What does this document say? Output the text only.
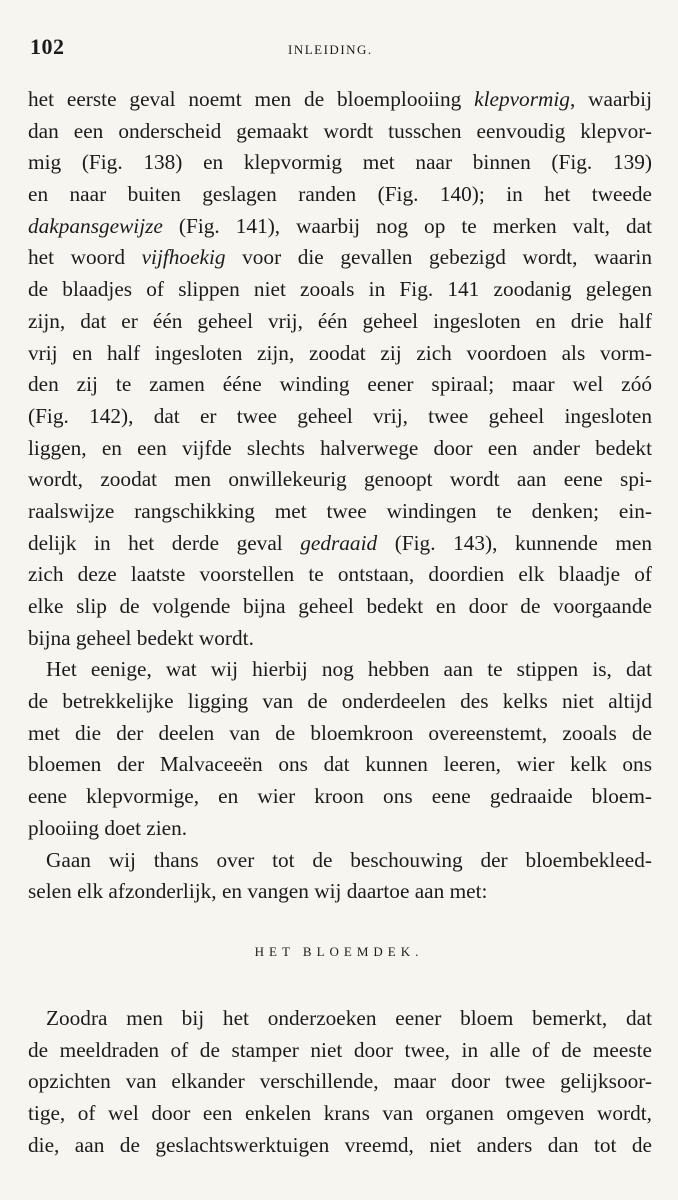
102	INLEIDING.
het eerste geval noemt men de bloemplooiing klepvormig, waarbij
dan een onderscheid gemaakt wordt tusschen eenvoudig klepvor-
mig (Fig. 138) en klepvormig met naar binnen (Fig. 139)
en naar buiten geslagen randen (Fig. 140); in het tweede
dakpansgewijze (Fig. 141), waarbij nog op te merken valt, dat
het woord vijfhoekig voor die gevallen gebezigd wordt, waarin
de blaadjes of slippen niet zooals in Fig. 141 zoodanig gelegen
zijn, dat er één geheel vrij, één geheel ingesloten en drie half
vrij en half ingesloten zijn, zoodat zij zich voordoen als vorm-
den zij te zamen ééne winding eener spiraal; maar wel zóó
(Fig. 142), dat er twee geheel vrij, twee geheel ingesloten
liggen, en een vijfde slechts halverwege door een ander bedekt
wordt, zoodat men onwillekeurig genoopt wordt aan eene spi-
raalswijze rangschikking met twee windingen te denken; ein-
delijk in het derde geval gedraaid (Fig. 143), kunnende men
zich deze laatste voorstellen te ontstaan, doordien elk blaadje of
elke slip de volgende bijna geheel bedekt en door de voorgaande
bijna geheel bedekt wordt.
Het eenige, wat wij hierbij nog hebben aan te stippen is, dat
de betrekkelijke ligging van de onderdeelen des kelks niet altijd
met die der deelen van de bloemkroon overeenstemt, zooals de
bloemen der Malvaceeën ons dat kunnen leeren, wier kelk ons
eene klepvormige, en wier kroon ons eene gedraaide bloem-
plooiing doet zien.
Gaan wij thans over tot de beschouwing der bloembekleed-
selen elk afzonderlijk, en vangen wij daartoe aan met:
HET BLOEMDEK.
Zoodra men bij het onderzoeken eener bloem bemerkt, dat
de meeldraden of de stamper niet door twee, in alle of de meeste
opzichten van elkander verschillende, maar door twee gelijksoor-
tige, of wel door een enkelen krans van organen omgeven wordt,
die, aan de geslachtswerktuigen vreemd, niet anders dan tot de
